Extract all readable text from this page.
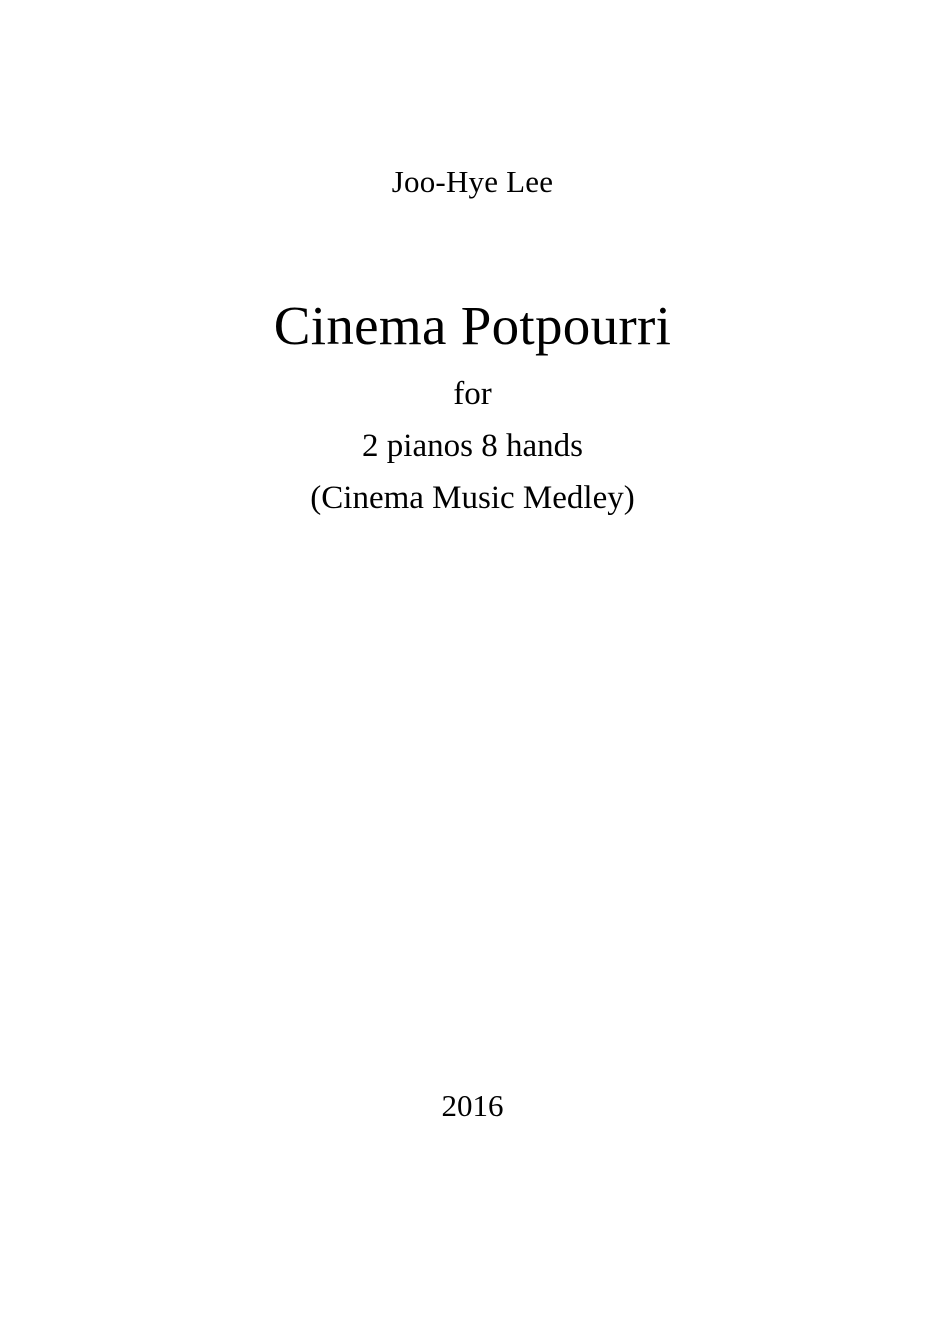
Joo-Hye Lee
Cinema Potpourri
for
2 pianos 8 hands
(Cinema Music Medley)
2016
